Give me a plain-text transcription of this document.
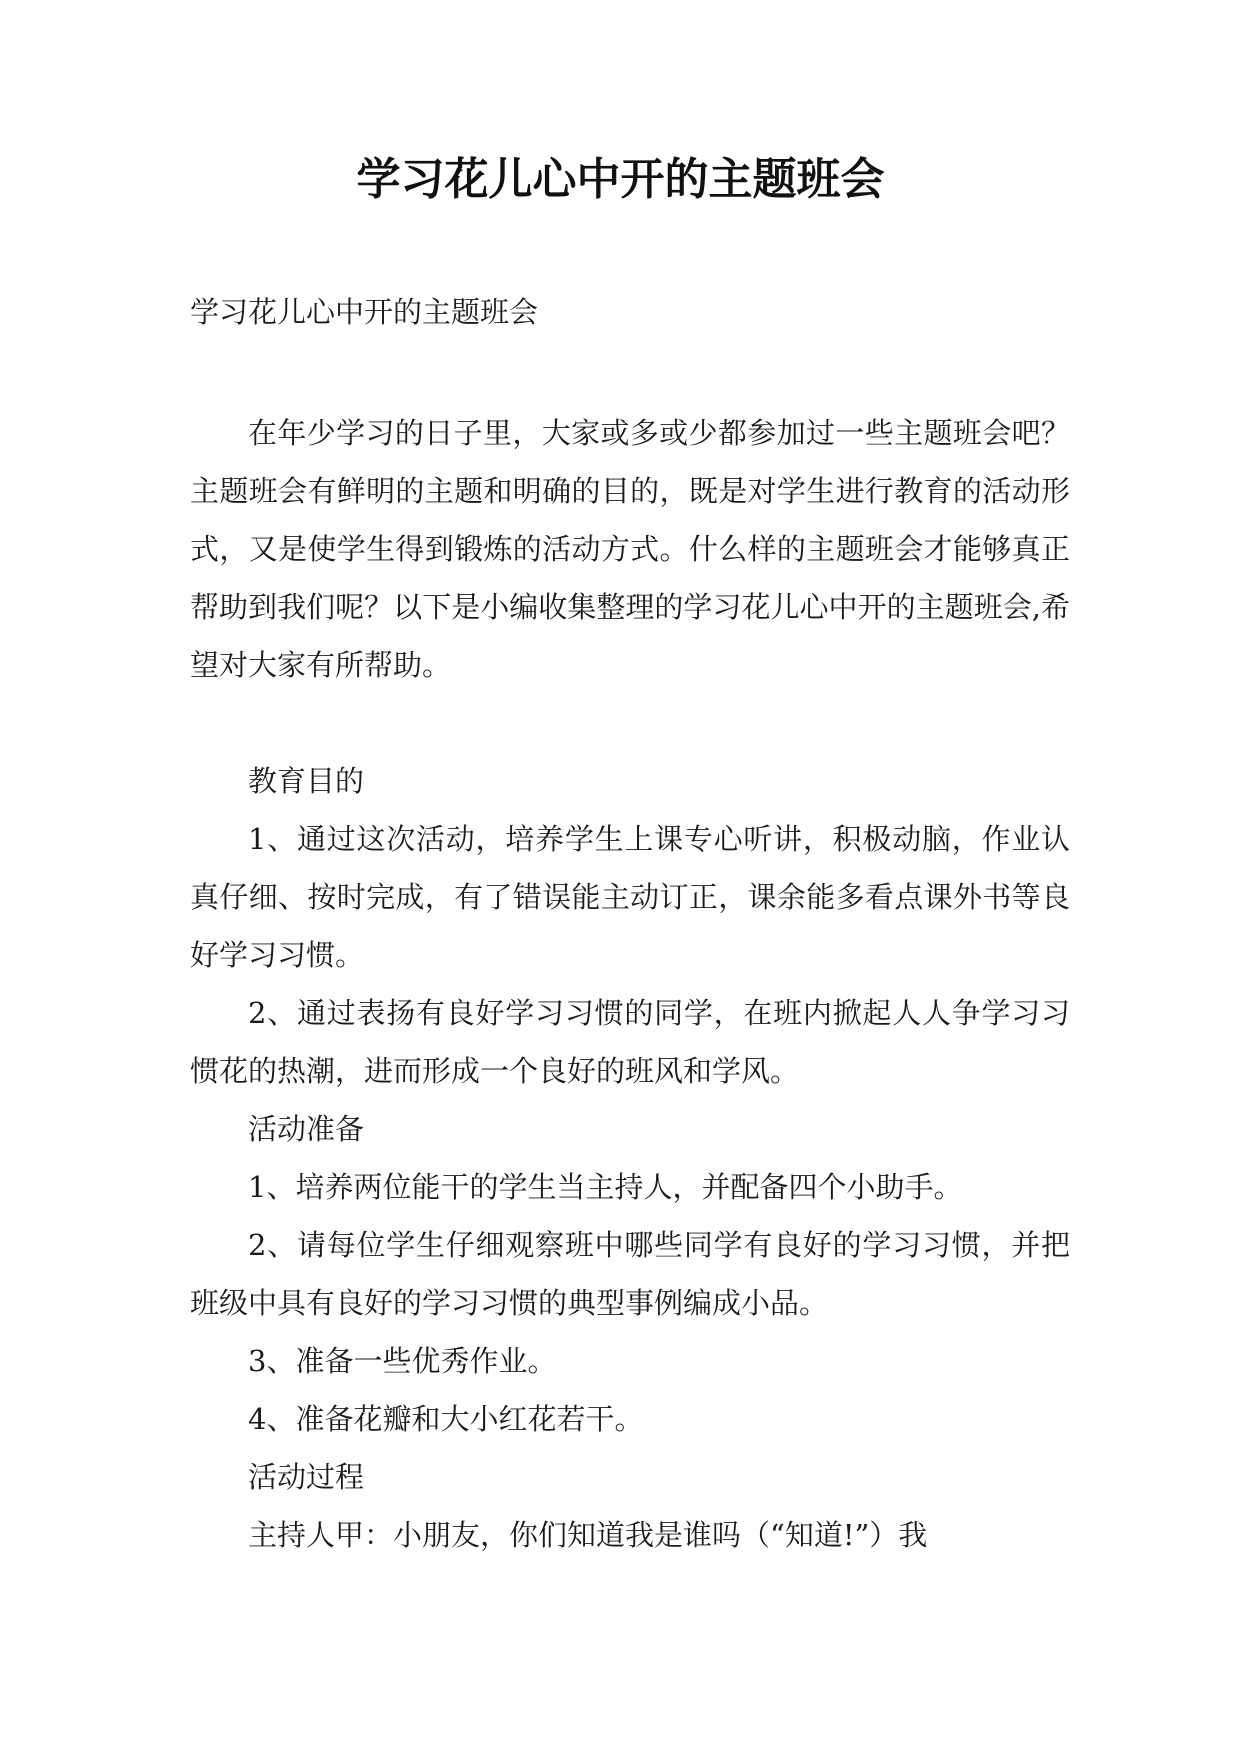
学习花儿心中开的主题班会

学习花儿心中开的主题班会

在年少学习的日子里，大家或多或少都参加过一些主题班会吧？主题班会有鲜明的主题和明确的目的，既是对学生进行教育的活动形式，又是使学生得到锻炼的活动方式。什么样的主题班会才能够真正帮助到我们呢？以下是小编收集整理的学习花儿心中开的主题班会,希望对大家有所帮助。

教育目的

1、通过这次活动，培养学生上课专心听讲，积极动脑，作业认真仔细、按时完成，有了错误能主动订正，课余能多看点课外书等良好学习习惯。

2、通过表扬有良好学习习惯的同学，在班内掀起人人争学习习惯花的热潮，进而形成一个良好的班风和学风。

活动准备

1、培养两位能干的学生当主持人，并配备四个小助手。

2、请每位学生仔细观察班中哪些同学有良好的学习习惯，并把班级中具有良好的学习习惯的典型事例编成小品。

3、准备一些优秀作业。

4、准备花瓣和大小红花若干。

活动过程

主持人甲：小朋友，你们知道我是谁吗（“知道!”）我
